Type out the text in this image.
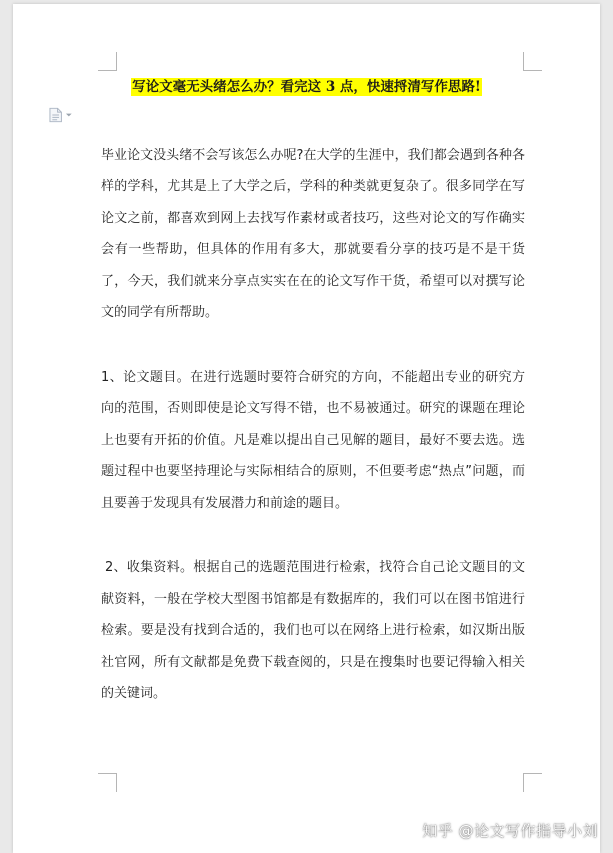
写论文毫无头绪怎么办？看完这 3 点，快速捋清写作思路!

毕业论文没头绪不会写该怎么办呢?在大学的生涯中，我们都会遇到各种各样的学科，尤其是上了大学之后，学科的种类就更复杂了。很多同学在写论文之前，都喜欢到网上去找写作素材或者技巧，这些对论文的写作确实会有一些帮助，但具体的作用有多大，那就要看分享的技巧是不是干货了，今天，我们就来分享点实实在在的论文写作干货，希望可以对撰写论文的同学有所帮助。

1、论文题目。在进行选题时要符合研究的方向，不能超出专业的研究方向的范围，否则即使是论文写得不错，也不易被通过。研究的课题在理论上也要有开拓的价值。凡是难以提出自己见解的题目，最好不要去选。选题过程中也要坚持理论与实际相结合的原则，不但要考虑“热点”问题，而且要善于发现具有发展潜力和前途的题目。

2、收集资料。根据自己的选题范围进行检索，找符合自己论文题目的文献资料，一般在学校大型图书馆都是有数据库的，我们可以在图书馆进行检索。要是没有找到合适的，我们也可以在网络上进行检索，如汉斯出版社官网，所有文献都是免费下载查阅的，只是在搜集时也要记得输入相关的关键词。

知乎 @论文写作指导小刘
